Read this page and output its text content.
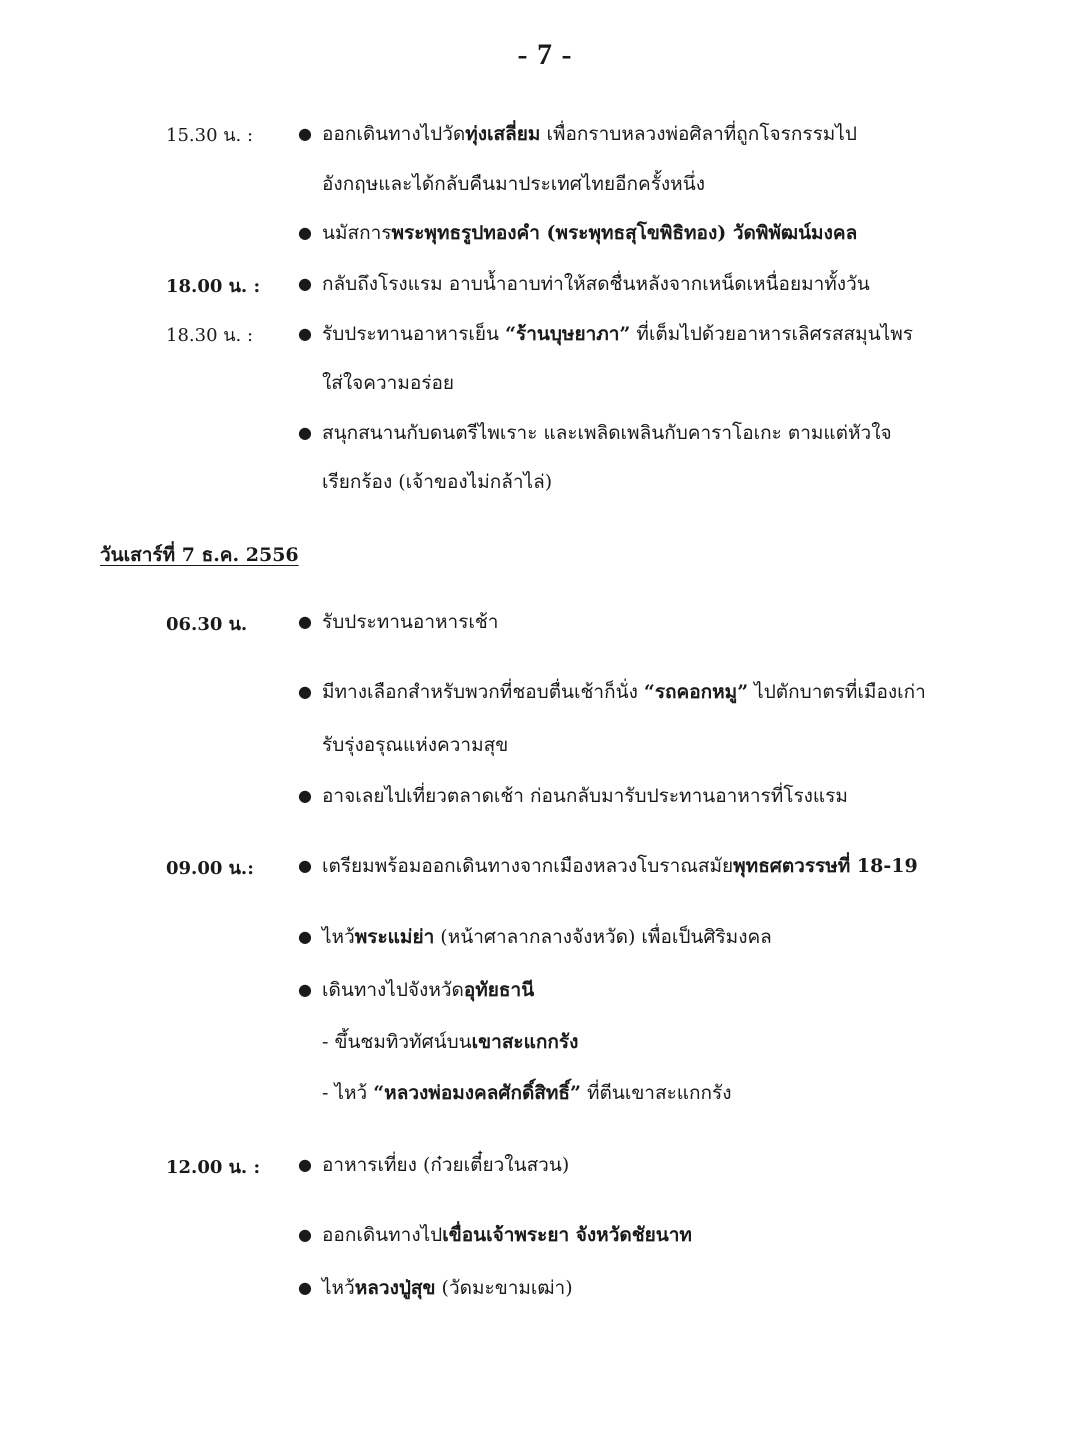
- 7 -
15.30 น. :	● ออกเดินทางไปวัดทุ่งเสลี่ยม เพื่อกราบหลวงพ่อศิลาที่ถูกโจรกรรมไป
อังกฤษและได้กลับคืนมาประเทศไทยอีกครั้งหนึ่ง
● นมัสการพระพุทธรูปทองคำ (พระพุทธสุโขพิธิทอง) วัดพิพัฒน์มงคล
18.00 น. : ● กลับถึงโรงแรม อาบน้ำอาบท่าให้สดชื่นหลังจากเหน็ดเหนื่อยมาทั้งวัน
18.30 น. :	● รับประทานอาหารเย็น “ร้านบุษยาภา” ที่เต็มไปด้วยอาหารเลิศรสสมุนไพร
ใส่ใจความอร่อย
● สนุกสนานกับดนตรีไพเราะ และเพลิดเพลินกับคาราโอเกะ ตามแต่หัวใจ
เรียกร้อง (เจ้าของไม่กล้าไล่)
วันเสาร์ที่ 7 ธ.ค. 2556
06.30 น.	● รับประทานอาหารเช้า
● มีทางเลือกสำหรับพวกที่ชอบตื่นเช้าก็นั่ง “รถคอกหมู” ไปตักบาตรที่เมืองเก่า
รับรุ่งอรุณแห่งความสุข
● อาจเลยไปเที่ยวตลาดเช้า ก่อนกลับมารับประทานอาหารที่โรงแรม
09.00 น.:	● เตรียมพร้อมออกเดินทางจากเมืองหลวงโบราณสมัยพุทธศตวรรษที่ 18-19
● ไหว้พระแม่ย่า (หน้าศาลากลางจังหวัด) เพื่อเป็นศิริมงคล
● เดินทางไปจังหวัดอุทัยธานี
- ขึ้นชมทิวทัศน์บนเขาสะแกกรัง
- ไหว้ “หลวงพ่อมงคลศักดิ์สิทธิ์” ที่ตีนเขาสะแกกรัง
12.00 น. : ● อาหารเที่ยง (ก๋วยเตี๋ยวในสวน)
● ออกเดินทางไปเขื่อนเจ้าพระยา จังหวัดชัยนาท
● ไหว้หลวงปู่สุข (วัดมะขามเฒ่า)
